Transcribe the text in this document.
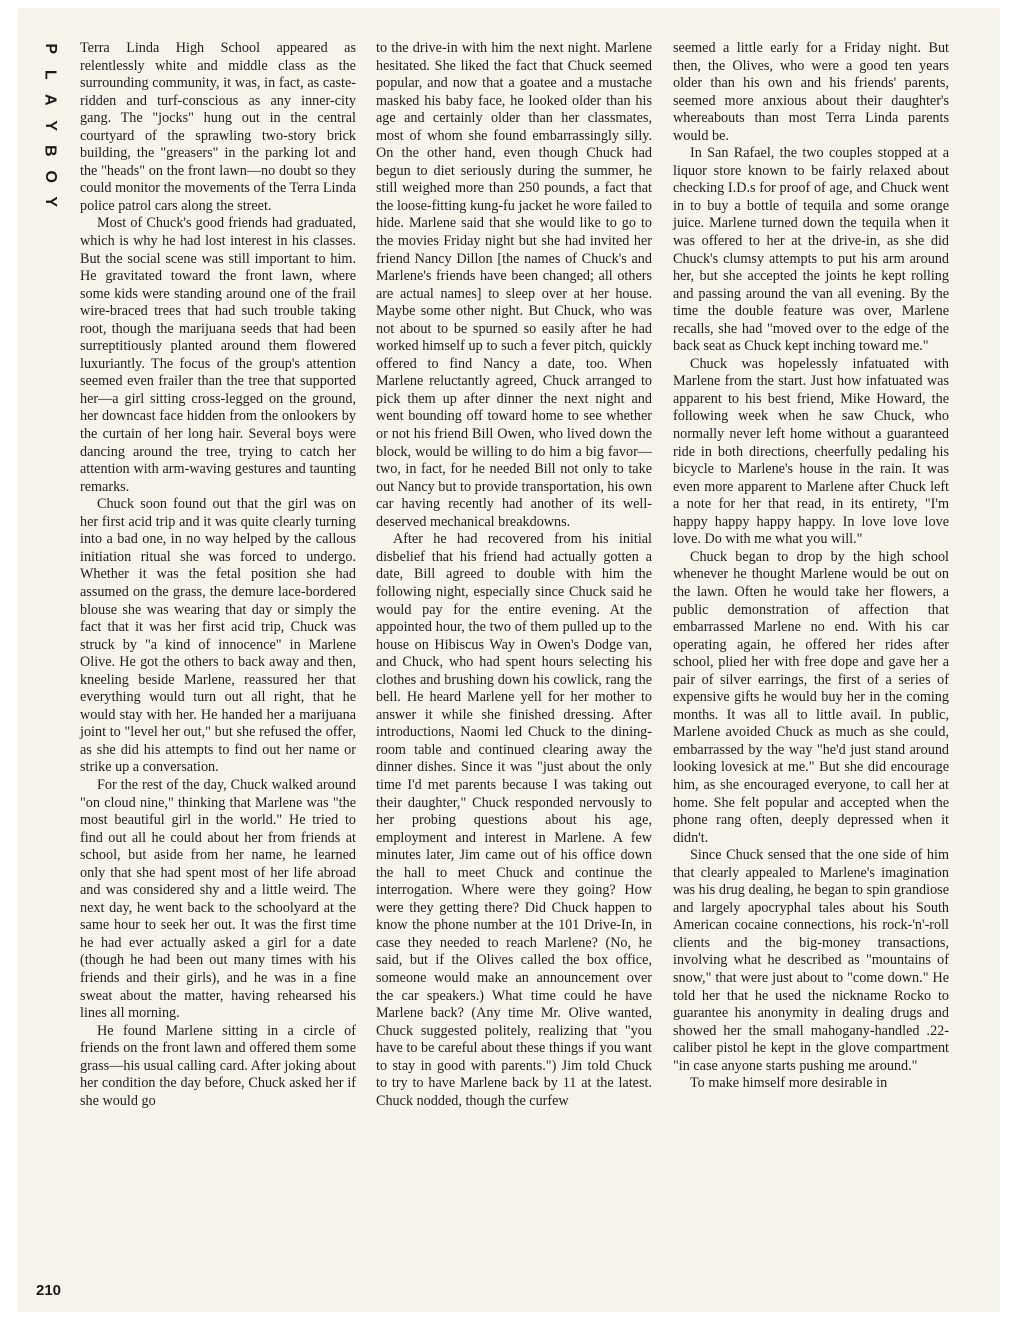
P
L
A
Y
B
O
Y

Terra Linda High School appeared as relentlessly white and middle class as the surrounding community, it was, in fact, as caste-ridden and turf-conscious as any inner-city gang. The "jocks" hung out in the central courtyard of the sprawling two-story brick building, the "greasers" in the parking lot and the "heads" on the front lawn—no doubt so they could monitor the movements of the Terra Linda police patrol cars along the street.

Most of Chuck's good friends had graduated, which is why he had lost interest in his classes. But the social scene was still important to him. He gravitated toward the front lawn, where some kids were standing around one of the frail wire-braced trees that had such trouble taking root, though the marijuana seeds that had been surreptitiously planted around them flowered luxuriantly. The focus of the group's attention seemed even frailer than the tree that supported her—a girl sitting cross-legged on the ground, her downcast face hidden from the onlookers by the curtain of her long hair. Several boys were dancing around the tree, trying to catch her attention with arm-waving gestures and taunting remarks.

Chuck soon found out that the girl was on her first acid trip and it was quite clearly turning into a bad one, in no way helped by the callous initiation ritual she was forced to undergo. Whether it was the fetal position she had assumed on the grass, the demure lace-bordered blouse she was wearing that day or simply the fact that it was her first acid trip, Chuck was struck by "a kind of innocence" in Marlene Olive. He got the others to back away and then, kneeling beside Marlene, reassured her that everything would turn out all right, that he would stay with her. He handed her a marijuana joint to "level her out," but she refused the offer, as she did his attempts to find out her name or strike up a conversation.

For the rest of the day, Chuck walked around "on cloud nine," thinking that Marlene was "the most beautiful girl in the world." He tried to find out all he could about her from friends at school, but aside from her name, he learned only that she had spent most of her life abroad and was considered shy and a little weird. The next day, he went back to the schoolyard at the same hour to seek her out. It was the first time he had ever actually asked a girl for a date (though he had been out many times with his friends and their girls), and he was in a fine sweat about the matter, having rehearsed his lines all morning.

He found Marlene sitting in a circle of friends on the front lawn and offered them some grass—his usual calling card. After joking about her condition the day before, Chuck asked her if she would go

to the drive-in with him the next night. Marlene hesitated. She liked the fact that Chuck seemed popular, and now that a goatee and a mustache masked his baby face, he looked older than his age and certainly older than her classmates, most of whom she found embarrassingly silly. On the other hand, even though Chuck had begun to diet seriously during the summer, he still weighed more than 250 pounds, a fact that the loose-fitting kung-fu jacket he wore failed to hide. Marlene said that she would like to go to the movies Friday night but she had invited her friend Nancy Dillon [the names of Chuck's and Marlene's friends have been changed; all others are actual names] to sleep over at her house. Maybe some other night. But Chuck, who was not about to be spurned so easily after he had worked himself up to such a fever pitch, quickly offered to find Nancy a date, too. When Marlene reluctantly agreed, Chuck arranged to pick them up after dinner the next night and went bounding off toward home to see whether or not his friend Bill Owen, who lived down the block, would be willing to do him a big favor—two, in fact, for he needed Bill not only to take out Nancy but to provide transportation, his own car having recently had another of its well-deserved mechanical breakdowns.

After he had recovered from his initial disbelief that his friend had actually gotten a date, Bill agreed to double with him the following night, especially since Chuck said he would pay for the entire evening. At the appointed hour, the two of them pulled up to the house on Hibiscus Way in Owen's Dodge van, and Chuck, who had spent hours selecting his clothes and brushing down his cowlick, rang the bell. He heard Marlene yell for her mother to answer it while she finished dressing. After introductions, Naomi led Chuck to the dining-room table and continued clearing away the dinner dishes. Since it was "just about the only time I'd met parents because I was taking out their daughter," Chuck responded nervously to her probing questions about his age, employment and interest in Marlene. A few minutes later, Jim came out of his office down the hall to meet Chuck and continue the interrogation. Where were they going? How were they getting there? Did Chuck happen to know the phone number at the 101 Drive-In, in case they needed to reach Marlene? (No, he said, but if the Olives called the box office, someone would make an announcement over the car speakers.) What time could he have Marlene back? (Any time Mr. Olive wanted, Chuck suggested politely, realizing that "you have to be careful about these things if you want to stay in good with parents.") Jim told Chuck to try to have Marlene back by 11 at the latest. Chuck nodded, though the curfew

seemed a little early for a Friday night. But then, the Olives, who were a good ten years older than his own and his friends' parents, seemed more anxious about their daughter's whereabouts than most Terra Linda parents would be.

In San Rafael, the two couples stopped at a liquor store known to be fairly relaxed about checking I.D.s for proof of age, and Chuck went in to buy a bottle of tequila and some orange juice. Marlene turned down the tequila when it was offered to her at the drive-in, as she did Chuck's clumsy attempts to put his arm around her, but she accepted the joints he kept rolling and passing around the van all evening. By the time the double feature was over, Marlene recalls, she had "moved over to the edge of the back seat as Chuck kept inching toward me."

Chuck was hopelessly infatuated with Marlene from the start. Just how infatuated was apparent to his best friend, Mike Howard, the following week when he saw Chuck, who normally never left home without a guaranteed ride in both directions, cheerfully pedaling his bicycle to Marlene's house in the rain. It was even more apparent to Marlene after Chuck left a note for her that read, in its entirety, "I'm happy happy happy happy. In love love love love. Do with me what you will."

Chuck began to drop by the high school whenever he thought Marlene would be out on the lawn. Often he would take her flowers, a public demonstration of affection that embarrassed Marlene no end. With his car operating again, he offered her rides after school, plied her with free dope and gave her a pair of silver earrings, the first of a series of expensive gifts he would buy her in the coming months. It was all to little avail. In public, Marlene avoided Chuck as much as she could, embarrassed by the way "he'd just stand around looking lovesick at me." But she did encourage him, as she encouraged everyone, to call her at home. She felt popular and accepted when the phone rang often, deeply depressed when it didn't.

Since Chuck sensed that the one side of him that clearly appealed to Marlene's imagination was his drug dealing, he began to spin grandiose and largely apocryphal tales about his South American cocaine connections, his rock-'n'-roll clients and the big-money transactions, involving what he described as "mountains of snow," that were just about to "come down." He told her that he used the nickname Rocko to guarantee his anonymity in dealing drugs and showed her the small mahogany-handled .22-caliber pistol he kept in the glove compartment "in case anyone starts pushing me around."

To make himself more desirable in

210
